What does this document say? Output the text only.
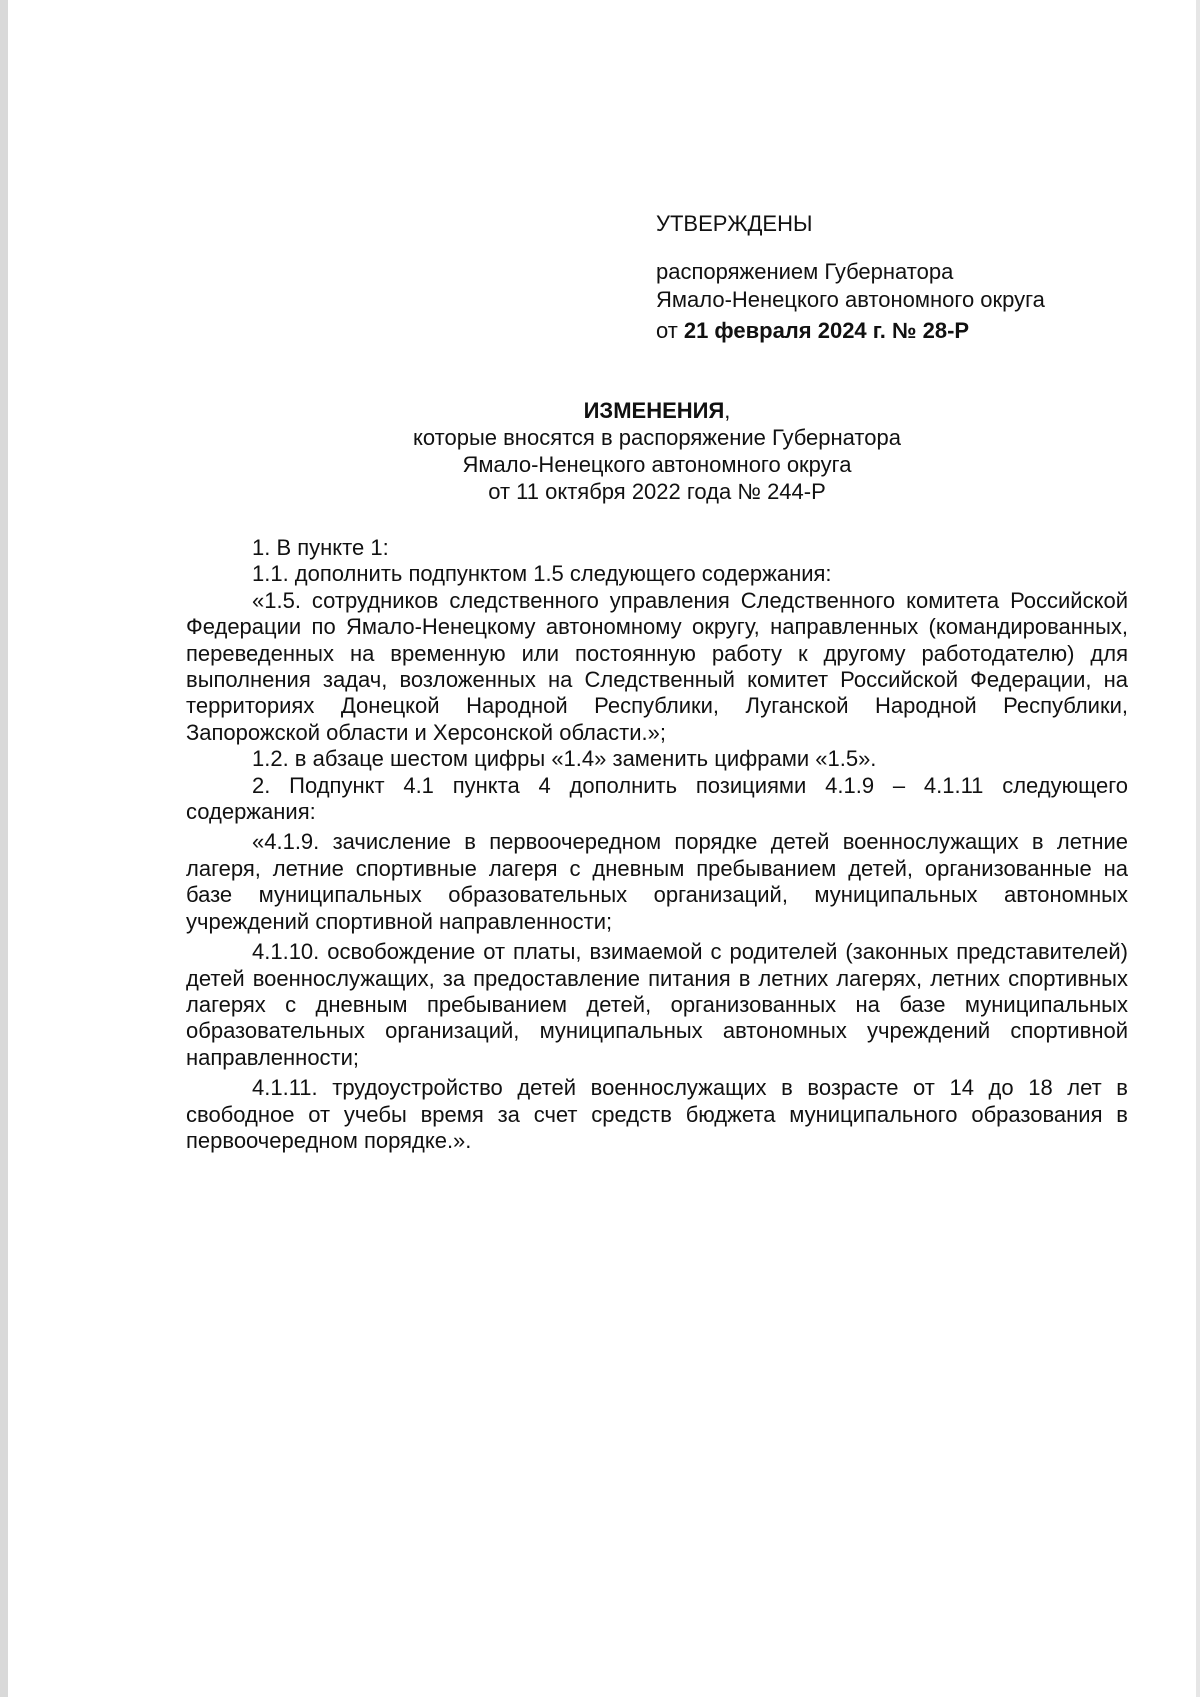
УТВЕРЖДЕНЫ

распоряжением Губернатора

Ямало-Ненецкого автономного округа

от 21 февраля 2024 г. № 28-Р

ИЗМЕНЕНИЯ,

которые вносятся в распоряжение Губернатора

Ямало-Ненецкого автономного округа

от 11 октября 2022 года № 244-Р

1. В пункте 1:

1.1. дополнить подпунктом 1.5 следующего содержания:

«1.5. сотрудников следственного управления Следственного комитета Российской Федерации по Ямало-Ненецкому автономному округу, направленных (командированных, переведенных на временную или постоянную работу к другому работодателю) для выполнения задач, возложенных на Следственный комитет Российской Федерации, на территориях Донецкой Народной Республики, Луганской Народной Республики, Запорожской области и Херсонской области.»;

1.2. в абзаце шестом цифры «1.4» заменить цифрами «1.5».

2. Подпункт 4.1 пункта 4 дополнить позициями 4.1.9 – 4.1.11 следующего содержания:

«4.1.9. зачисление в первоочередном порядке детей военнослужащих в летние лагеря, летние спортивные лагеря с дневным пребыванием детей, организованные на базе муниципальных образовательных организаций, муниципальных автономных учреждений спортивной направленности;

4.1.10. освобождение от платы, взимаемой с родителей (законных представителей) детей военнослужащих, за предоставление питания в летних лагерях, летних спортивных лагерях с дневным пребыванием детей, организованных на базе муниципальных образовательных организаций, муниципальных автономных учреждений спортивной направленности;

4.1.11. трудоустройство детей военнослужащих в возрасте от 14 до 18 лет в свободное от учебы время за счет средств бюджета муниципального образования в первоочередном порядке.».
